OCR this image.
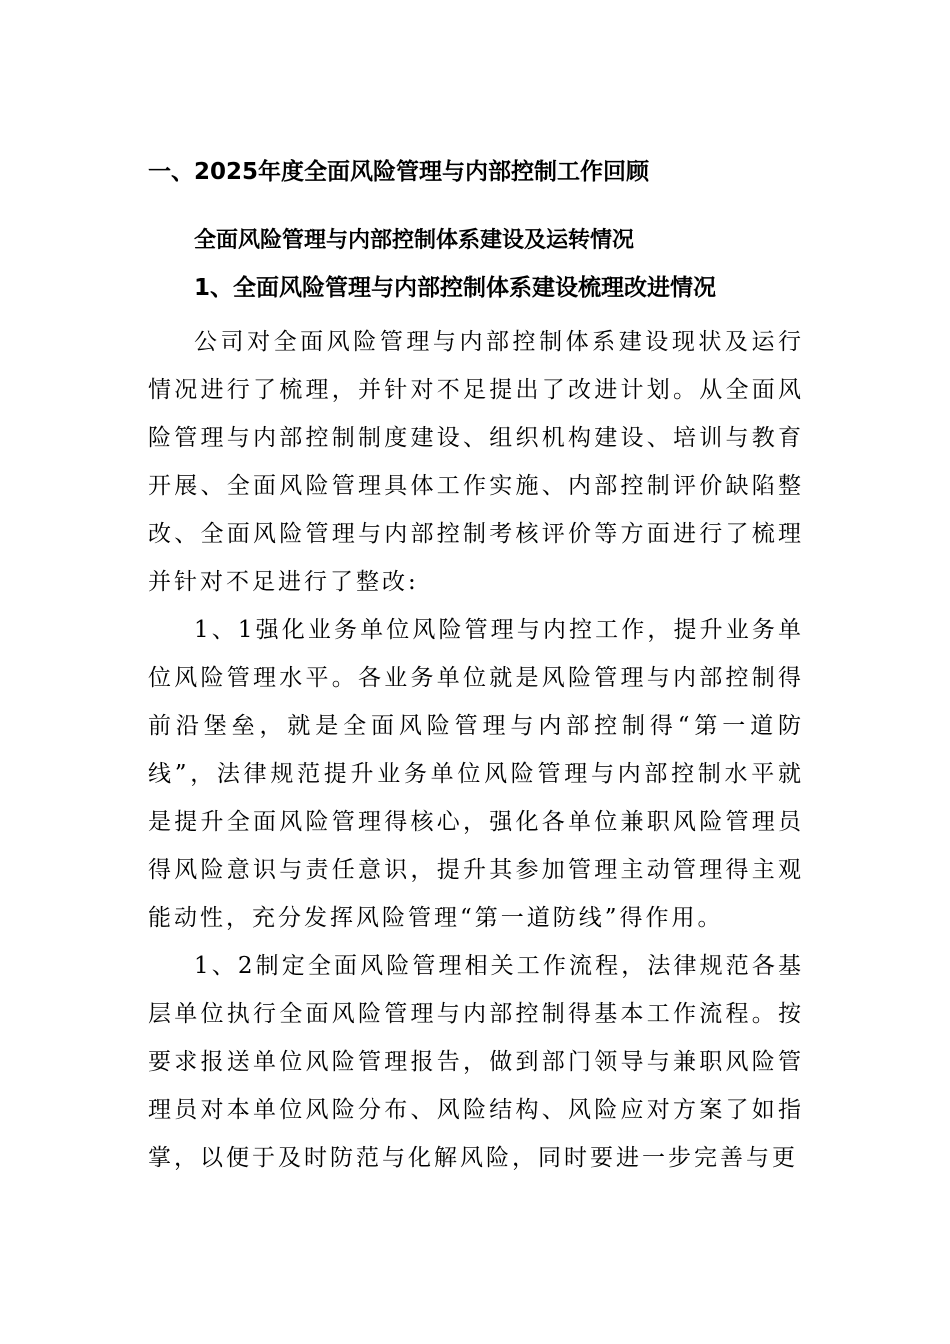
一、2025年度全面风险管理与内部控制工作回顾
全面风险管理与内部控制体系建设及运转情况
1、全面风险管理与内部控制体系建设梳理改进情况
公司对全面风险管理与内部控制体系建设现状及运行情况进行了梳理，并针对不足提出了改进计划。从全面风险管理与内部控制制度建设、组织机构建设、培训与教育开展、全面风险管理具体工作实施、内部控制评价缺陷整改、全面风险管理与内部控制考核评价等方面进行了梳理并针对不足进行了整改:
1、1强化业务单位风险管理与内控工作，提升业务单位风险管理水平。各业务单位就是风险管理与内部控制得前沿堡垒，就是全面风险管理与内部控制得“第一道防线”，法律规范提升业务单位风险管理与内部控制水平就是提升全面风险管理得核心，强化各单位兼职风险管理员得风险意识与责任意识，提升其参加管理主动管理得主观能动性，充分发挥风险管理“第一道防线”得作用。
1、2制定全面风险管理相关工作流程，法律规范各基层单位执行全面风险管理与内部控制得基本工作流程。按要求报送单位风险管理报告，做到部门领导与兼职风险管理员对本单位风险分布、风险结构、风险应对方案了如指掌，以便于及时防范与化解风险，同时要进一步完善与更
